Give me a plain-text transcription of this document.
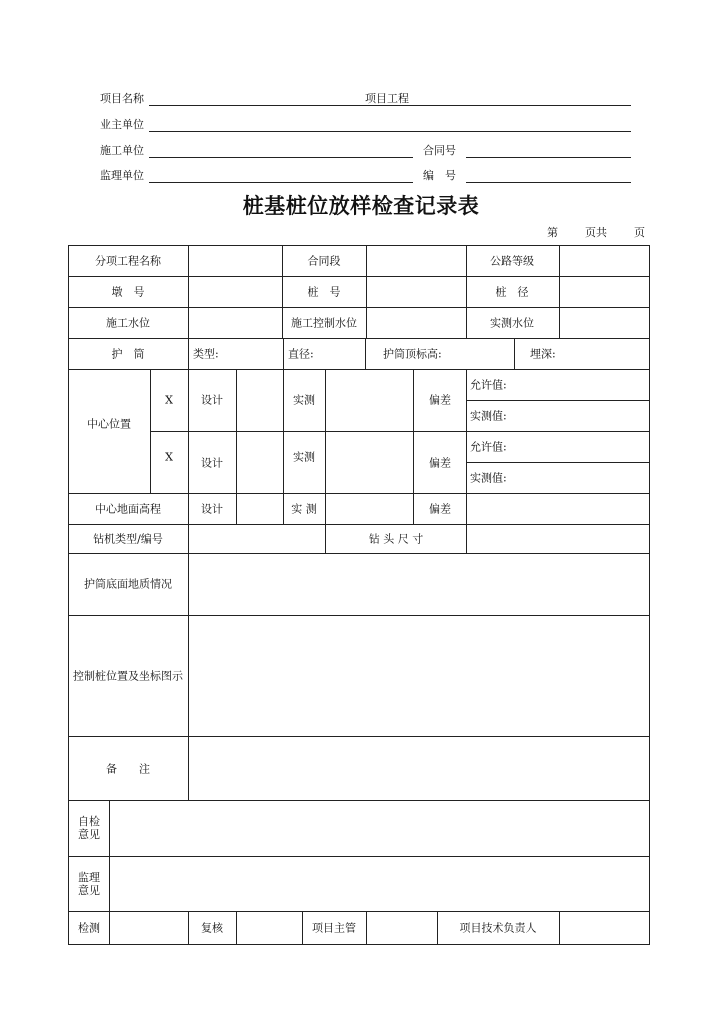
项目名称	项目工程
业主单位
施工单位	合同号
监理单位	编　号
桩基桩位放样检查记录表
第 页共 页
分项工程名称	合同段	公路等级
墩　号	桩　号	桩　径
施工水位	施工控制水位	实测水位
护　筒	类型:	直径:	护筒顶标高:	埋深:
中心位置
X	设计	实测	偏差
允许值:
实测值:
X	设计	实测	偏差
允许值:
实测值:
中心地面高程	设计	实 测	偏差
钻机类型/编号	钻 头 尺 寸
护筒底面地质情况
控制桩位置及坐标图示
备　　注
自检意见
监理意见
检测	复核	项目主管	项目技术负责人
